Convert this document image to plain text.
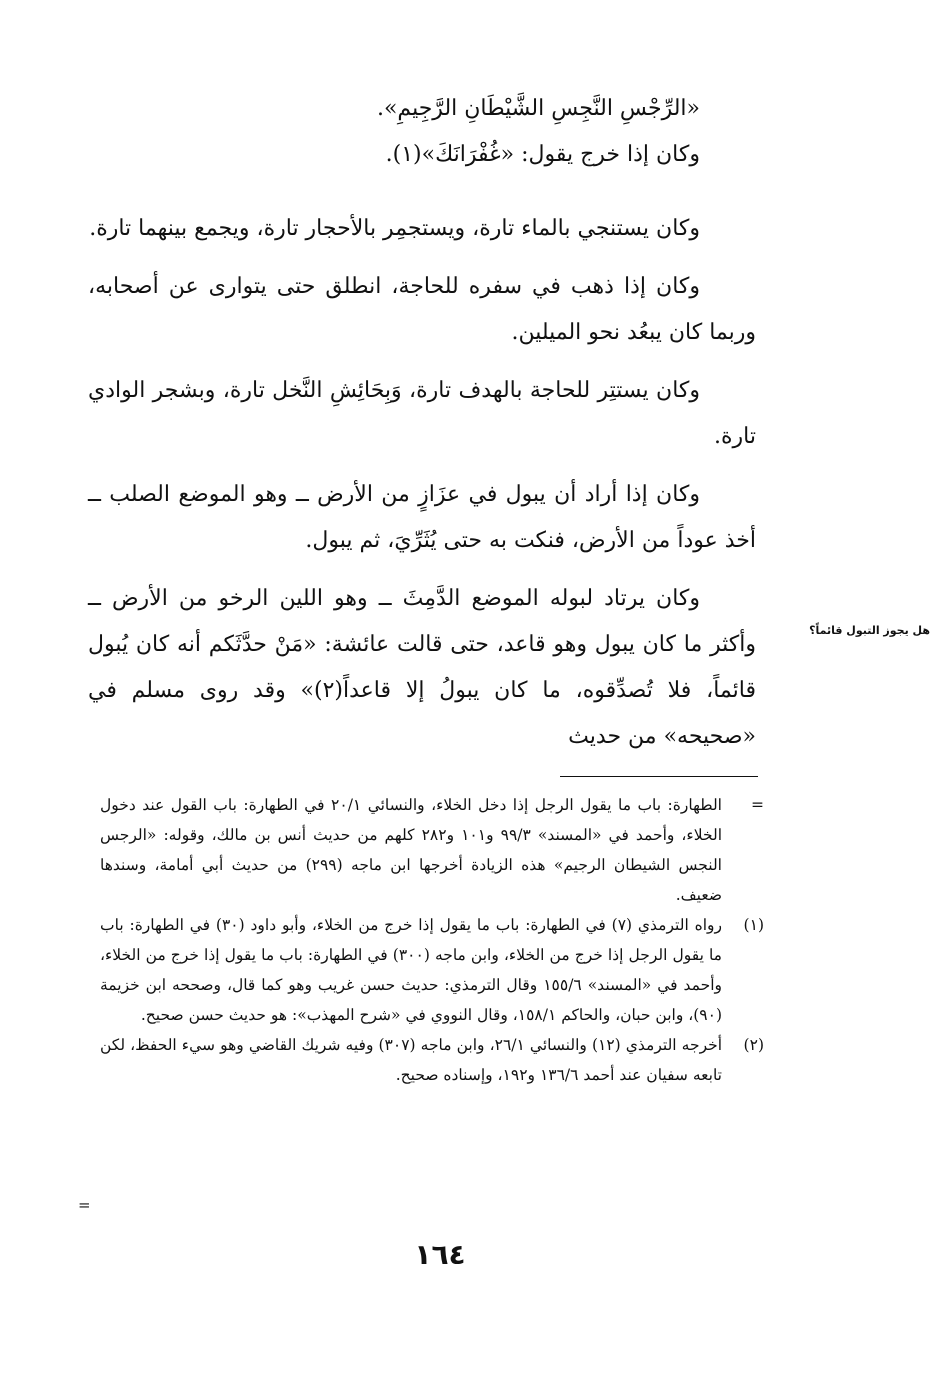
«الرِّجْسِ النَّجِسِ الشَّيْطَانِ الرَّجِيمِ».

وكان إذا خرج يقول: «غُفْرَانَكَ»(١).

وكان يستنجي بالماء تارة، ويستجمِر بالأحجار تارة، ويجمع بينهما تارة.

وكان إذا ذهب في سفره للحاجة، انطلق حتى يتوارى عن أصحابه، وربما كان يبعُد نحو الميلين.

وكان يستتِر للحاجة بالهدف تارة، وَبِحَائِشِ النَّخل تارة، وبشجر الوادي تارة.

وكان إذا أراد أن يبول في عزَازٍ من الأرض ــ وهو الموضع الصلب ــ أخذ عوداً من الأرض، فنكت به حتى يُثَرِّيَ، ثم يبول.

وكان يرتاد لبوله الموضع الدَّمِثَ ــ وهو اللين الرخو من الأرض ــ وأكثر ما كان يبول وهو قاعد، حتى قالت عائشة: «مَنْ حدَّثَكم أنه كان يُبول قائماً، فلا تُصدِّقوه، ما كان يبولُ إلا قاعداً(٢)» وقد روى مسلم في «صحيحه» من حديث

هل يجوز التبول قائماً؟
=
الطهارة: باب ما يقول الرجل إذا دخل الخلاء، والنسائي ٢٠/١ في الطهارة: باب القول عند دخول الخلاء، وأحمد في «المسند» ٩٩/٣ و١٠١ و٢٨٢ كلهم من حديث أنس بن مالك، وقوله: «الرجس النجس الشيطان الرجيم» هذه الزيادة أخرجها ابن ماجه (٢٩٩) من حديث أبي أمامة، وسندها ضعيف.
(١)
رواه الترمذي (٧) في الطهارة: باب ما يقول إذا خرج من الخلاء، وأبو داود (٣٠) في الطهارة: باب ما يقول الرجل إذا خرج من الخلاء، وابن ماجه (٣٠٠) في الطهارة: باب ما يقول إذا خرج من الخلاء، وأحمد في «المسند» ١٥٥/٦ وقال الترمذي: حديث حسن غريب وهو كما قال، وصححه ابن خزيمة (٩٠)، وابن حبان، والحاكم ١٥٨/١، وقال النووي في «شرح المهذب»: هو حديث حسن صحيح.
(٢)
أخرجه الترمذي (١٢) والنسائي ٢٦/١، وابن ماجه (٣٠٧) وفيه شريك القاضي وهو سيء الحفظ، لكن تابعه سفيان عند أحمد ١٣٦/٦ و١٩٢، وإسناده صحيح.
=
١٦٤
